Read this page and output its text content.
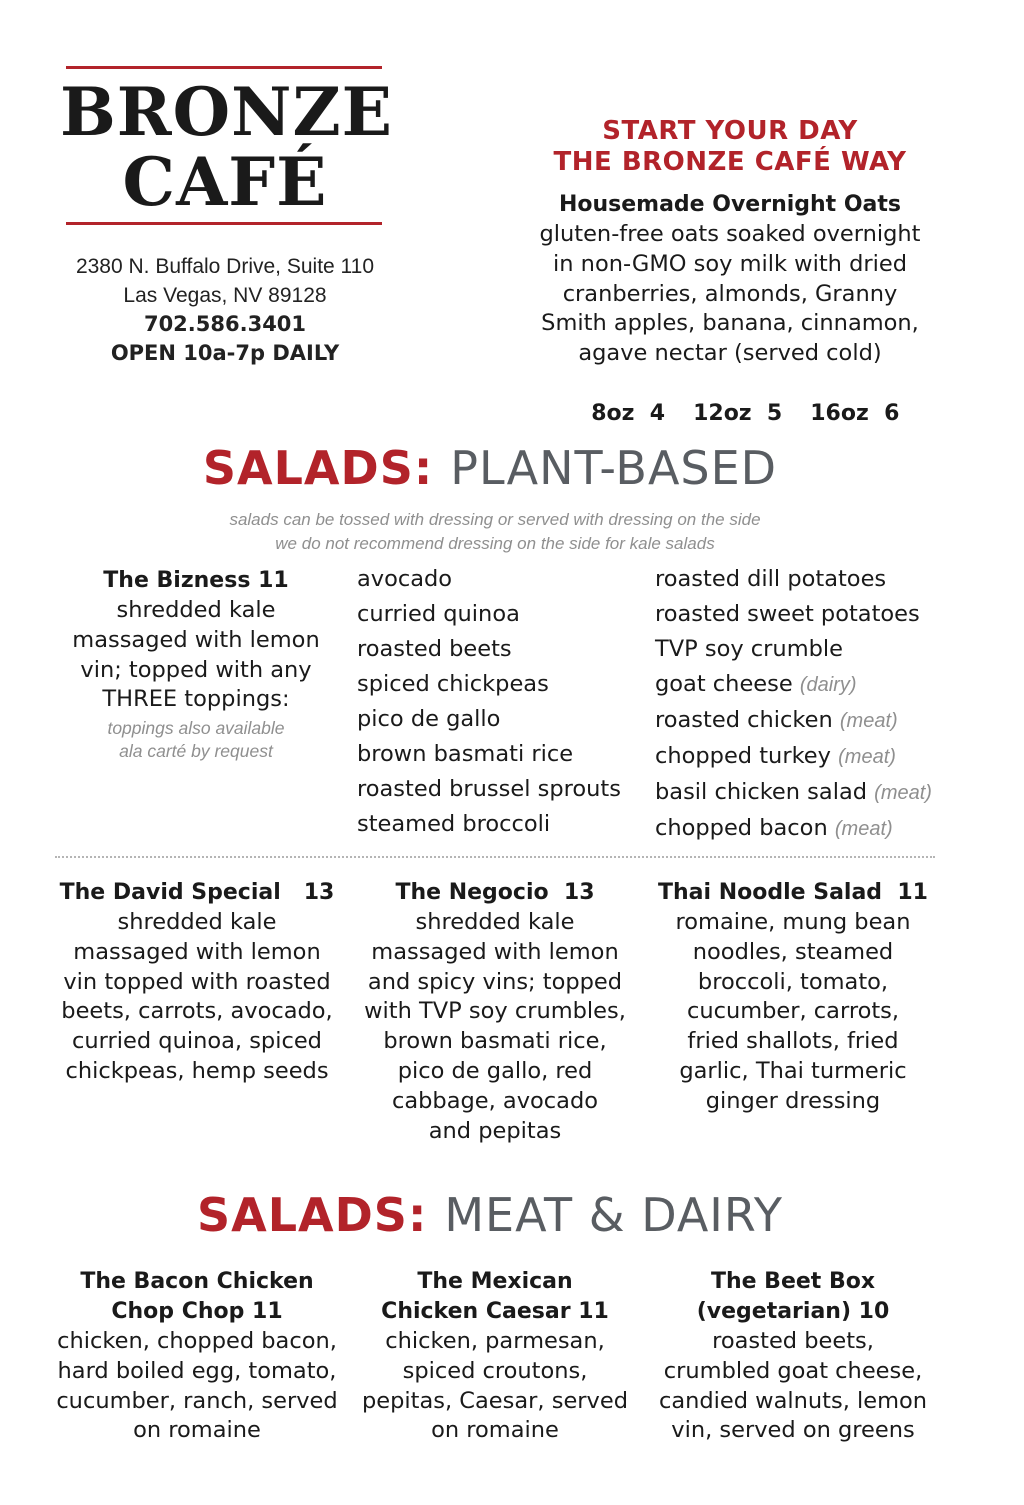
BRONZE
CAFÉ
2380 N. Buffalo Drive, Suite 110
Las Vegas, NV 89128
702.586.3401
OPEN 10a-7p DAILY
START YOUR DAY
THE BRONZE CAFÉ WAY
Housemade Overnight Oats
gluten-free oats soaked overnight
in non-GMO soy milk with dried
cranberries, almonds, Granny
Smith apples, banana, cinnamon,
agave nectar (served cold)

8oz  4 12oz  5 16oz  6

SALADS: PLANT-BASED
salads can be tossed with dressing or served with dressing on the side
we do not recommend dressing on the side for kale salads
The Bizness 11
shredded kale
massaged with lemon
vin; topped with any
THREE toppings:
toppings also available
ala carté by request
avocado
curried quinoa
roasted beets
spiced chickpeas
pico de gallo
brown basmati rice
roasted brussel sprouts
steamed broccoli
roasted dill potatoes
roasted sweet potatoes
TVP soy crumble
goat cheese (dairy)
roasted chicken (meat)
chopped turkey (meat)
basil chicken salad (meat)
chopped bacon (meat)
The David Special   13
shredded kale
massaged with lemon
vin topped with roasted
beets, carrots, avocado,
curried quinoa, spiced
chickpeas, hemp seeds
The Negocio  13
shredded kale
massaged with lemon
and spicy vins; topped
with TVP soy crumbles,
brown basmati rice,
pico de gallo, red
cabbage, avocado
and pepitas
Thai Noodle Salad  11
romaine, mung bean
noodles, steamed
broccoli, tomato,
cucumber, carrots,
fried shallots, fried
garlic, Thai turmeric
ginger dressing
SALADS: MEAT & DAIRY
The Bacon Chicken
Chop Chop 11
chicken, chopped bacon,
hard boiled egg, tomato,
cucumber, ranch, served
on romaine
The Mexican
Chicken Caesar 11
chicken, parmesan,
spiced croutons,
pepitas, Caesar, served
on romaine
The Beet Box
(vegetarian) 10
roasted beets,
crumbled goat cheese,
candied walnuts, lemon
vin, served on greens
